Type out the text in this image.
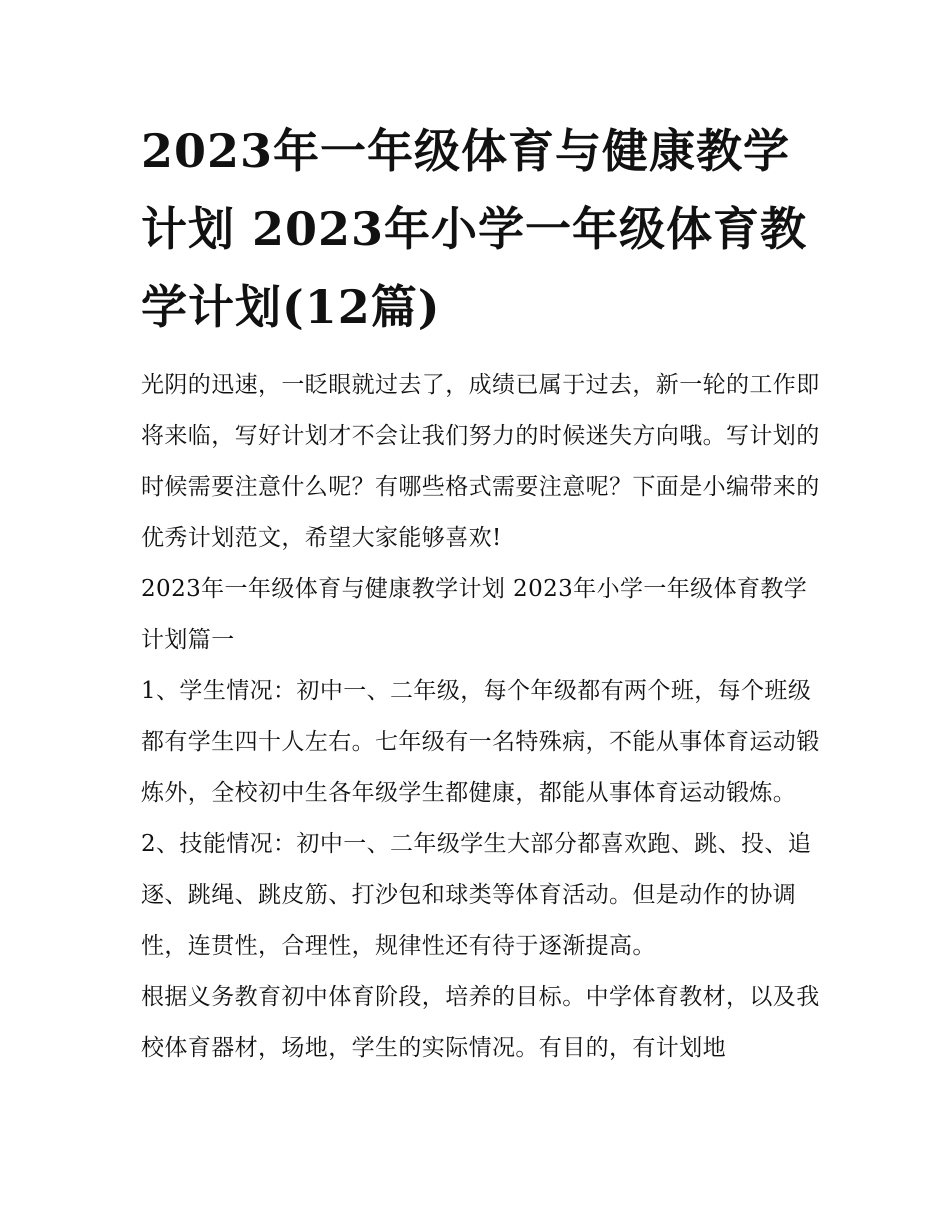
2023年一年级体育与健康教学计划 2023年小学一年级体育教学计划(12篇)

光阴的迅速，一眨眼就过去了，成绩已属于过去，新一轮的工作即将来临，写好计划才不会让我们努力的时候迷失方向哦。写计划的时候需要注意什么呢？有哪些格式需要注意呢？下面是小编带来的优秀计划范文，希望大家能够喜欢!

2023年一年级体育与健康教学计划 2023年小学一年级体育教学计划篇一

1、学生情况：初中一、二年级，每个年级都有两个班，每个班级都有学生四十人左右。七年级有一名特殊病，不能从事体育运动锻炼外，全校初中生各年级学生都健康，都能从事体育运动锻炼。

2、技能情况：初中一、二年级学生大部分都喜欢跑、跳、投、追逐、跳绳、跳皮筋、打沙包和球类等体育活动。但是动作的协调性，连贯性，合理性，规律性还有待于逐渐提高。

根据义务教育初中体育阶段，培养的目标。中学体育教材，以及我校体育器材，场地，学生的实际情况。有目的，有计划地
